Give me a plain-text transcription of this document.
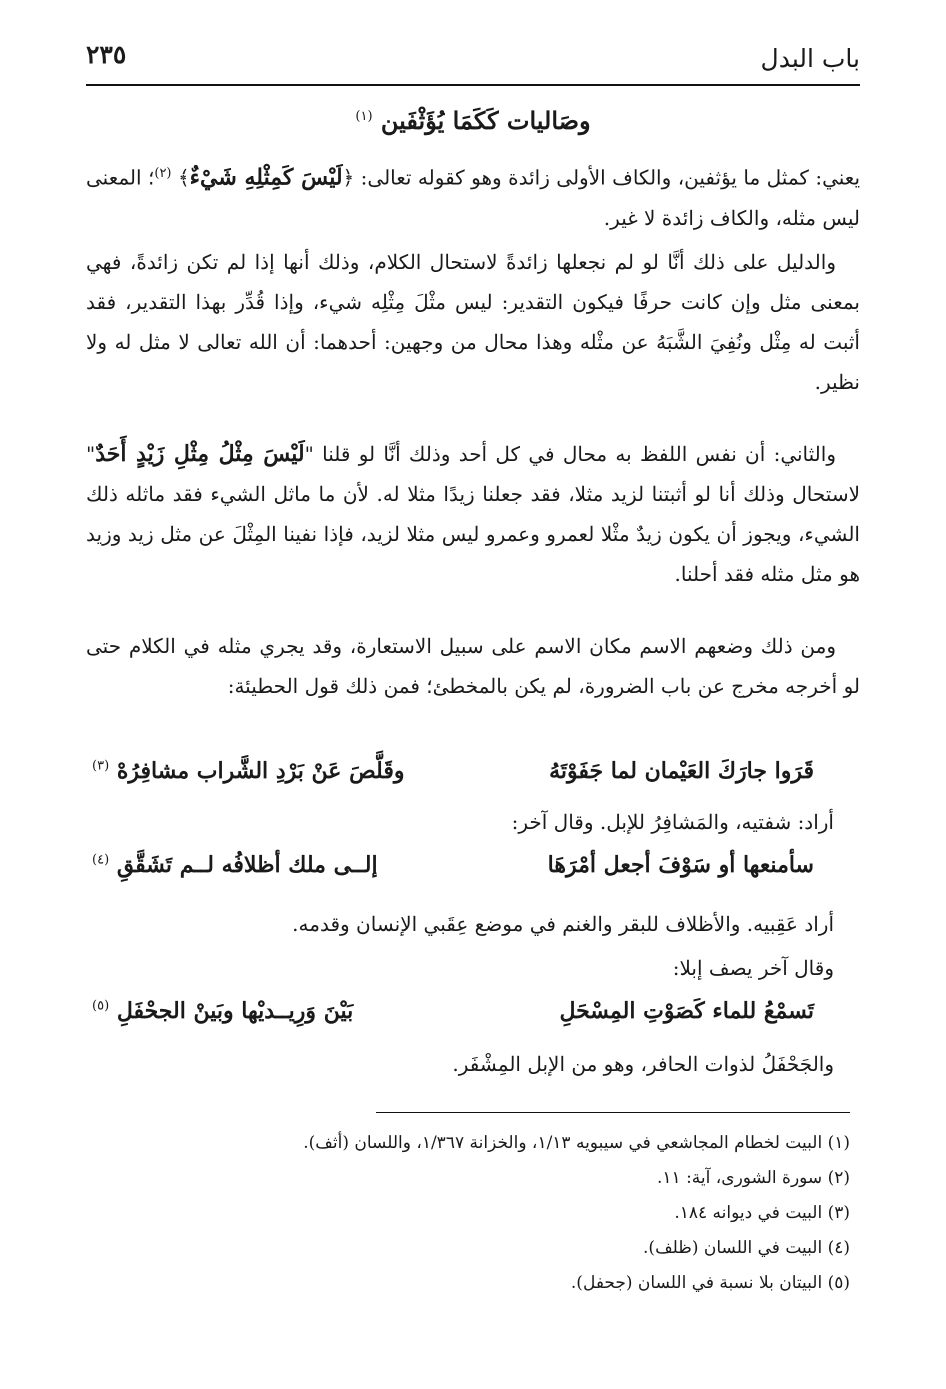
باب البدل
٢٣٥
وصَاليات كَكَمَا يُؤَثْفَين $^{(١)}$
يعني: كمثل ما يؤثفين، والكاف الأولى زائدة وهو كقوله تعالى: ﴿لَيْسَ كَمِثْلِهِ شَيْءٌ﴾ $^{(٢)}$؛ المعنى ليس مثله، والكاف زائدة لا غير.
والدليل على ذلك أنَّا لو لم نجعلها زائدةً لاستحال الكلام، وذلك أنها إذا لم تكن زائدةً، فهي بمعنى مثل وإن كانت حرفًا فيكون التقدير: ليس مثْلَ مِثْلِه شيء، وإذا قُدِّر بهذا التقدير، فقد أثبت له مِثْل ونُفِيَ الشَّبَهُ عن مثْله وهذا محال من وجهين: أحدهما: أن الله تعالى لا مثل له ولا نظير.
والثاني: أن نفس اللفظ به محال في كل أحد وذلك أنَّا لو قلنا "لَيْسَ مِثْلُ مِثْلِ زَيْدٍ أَحَدٌ" لاستحال وذلك أنا لو أثبتنا لزيد مثلا، فقد جعلنا زيدًا مثلا له. لأن ما ماثل الشيء فقد ماثله ذلك الشيء، ويجوز أن يكون زيدٌ مثْلا لعمرو وعمرو ليس مثلا لزيد، فإذا نفينا المِثْلَ عن مثل زيد وزيد هو مثل مثله فقد أحلنا.
ومن ذلك وضعهم الاسم مكان الاسم على سبيل الاستعارة، وقد يجري مثله في الكلام حتى لو أخرجه مخرج عن باب الضرورة، لم يكن بالمخطئ؛ فمن ذلك قول الحطيئة:
قَرَوا جارَكَ العَيْمان لما جَفَوْتَهُ
وقَلَّصَ عَنْ بَرْدِ الشَّراب مشافِرُهْ $^{(٣)}$
أراد: شفتيه، والمَشافِرُ للإبل. وقال آخر:
سأمنعها أو سَوْفَ أجعل أمْرَهَا
إلــى ملك أظلافُه لــم تَشَقَّقِ $^{(٤)}$
أراد عَقِبيه. والأظلاف للبقر والغنم في موضع عِقَبي الإنسان وقدمه.
وقال آخر يصف إبلا:
تَسمْعُ للماء كَصَوْتِ المِسْحَلِ
بَيْنَ وَرِيــديْها وبَينْ الجحْفَلِ $^{(٥)}$
والجَحْفَلُ لذوات الحافر، وهو من الإبل المِشْفَر.
(١) البيت لخطام المجاشعي في سيبويه ١/١٣، والخزانة ١/٣٦٧، واللسان (أثف).
(٢) سورة الشورى، آية: ١١.
(٣) البيت في ديوانه ١٨٤.
(٤) البيت في اللسان (ظلف).
(٥) البيتان بلا نسبة في اللسان (جحفل).
